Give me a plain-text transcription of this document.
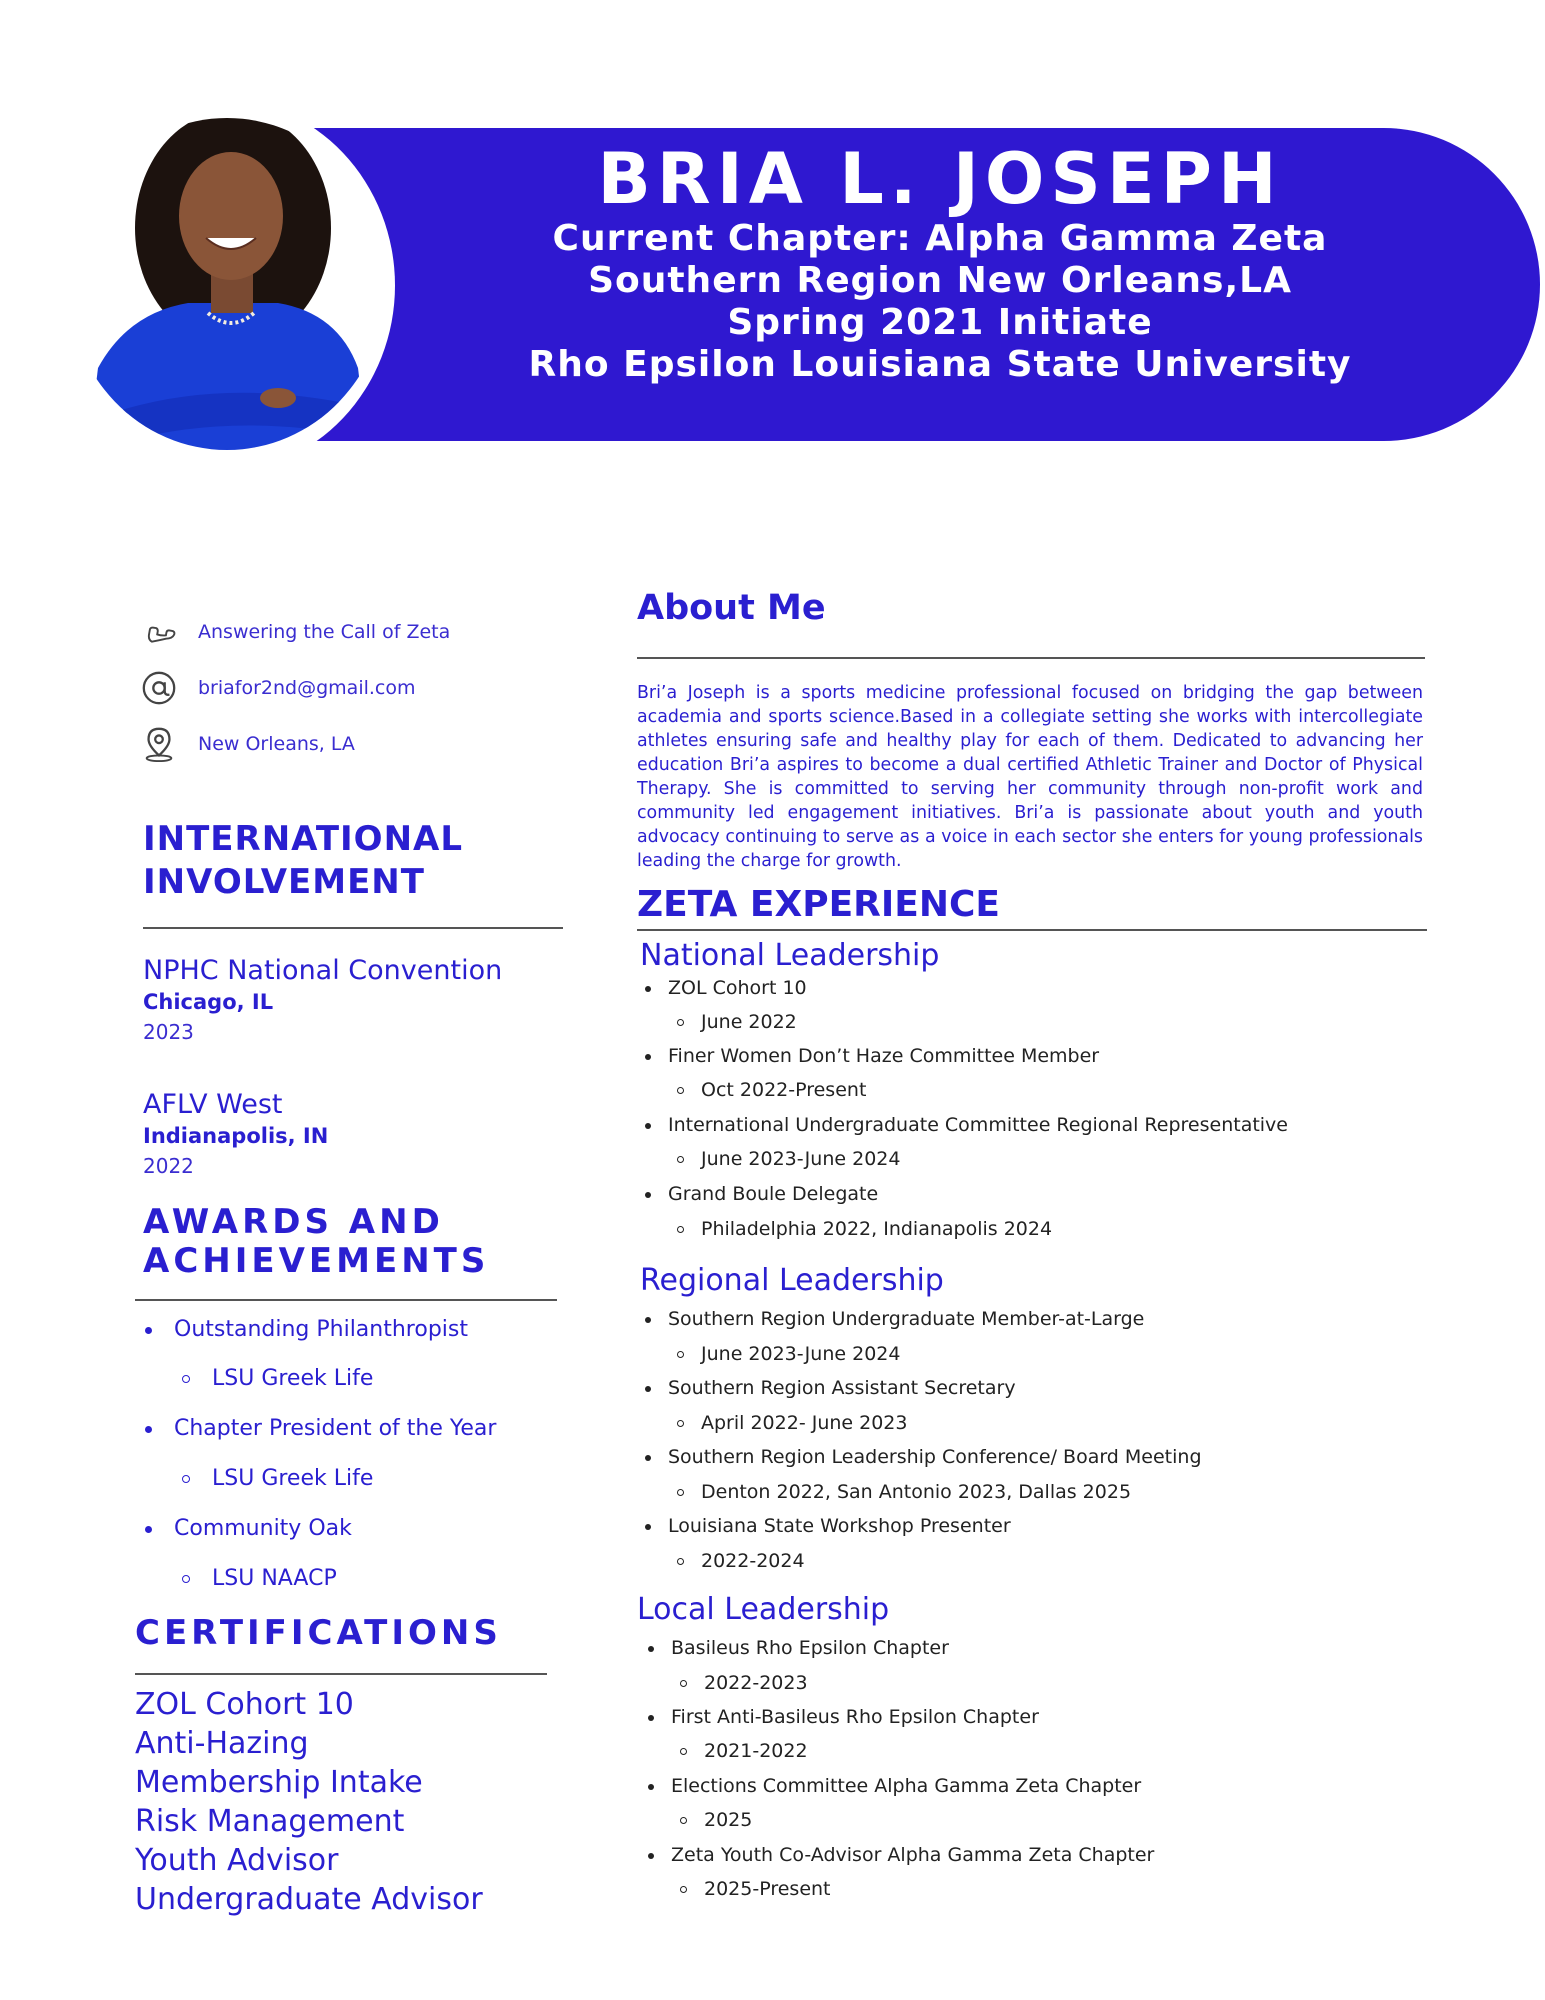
BRIA L. JOSEPH

Current Chapter: Alpha Gamma Zeta

Southern Region New Orleans,LA

Spring 2021 Initiate

Rho Epsilon Louisiana State University

Answering the Call of Zeta
briafor2nd@gmail.com
New Orleans, LA

INTERNATIONAL

INVOLVEMENT

NPHC National Convention
Chicago, IL
2023
AFLV West
Indianapolis, IN
2022

AWARDS AND

ACHIEVEMENTS

Outstanding Philanthropist
LSU Greek Life
Chapter President of the Year
LSU Greek Life
Community Oak
LSU NAACP

CERTIFICATIONS

ZOL Cohort 10
Anti-Hazing
Membership Intake
Risk Management
Youth Advisor
Undergraduate Advisor

About Me

Bri’a Joseph is a sports medicine professional focused on bridging the gap between academia and sports science.Based in a collegiate setting she works with intercollegiate athletes ensuring safe and healthy play for each of them. Dedicated to advancing her education Bri’a aspires to become a dual certified Athletic Trainer and Doctor of Physical Therapy. She is committed to serving her community through non-profit work and community led engagement initiatives. Bri’a is passionate about youth and youth advocacy continuing to serve as a voice in each sector she enters for young professionals leading the charge for growth.

ZETA EXPERIENCE

National Leadership

ZOL Cohort 10
June 2022
Finer Women Don’t Haze Committee Member
Oct 2022-Present
International Undergraduate Committee Regional Representative
June 2023-June 2024
Grand Boule Delegate
Philadelphia 2022, Indianapolis 2024

Regional Leadership

Southern Region Undergraduate Member-at-Large
June 2023-June 2024
Southern Region Assistant Secretary
April 2022- June 2023
Southern Region Leadership Conference/ Board Meeting
Denton 2022, San Antonio 2023, Dallas 2025
Louisiana State Workshop Presenter
2022-2024

Local Leadership

Basileus Rho Epsilon Chapter
2022-2023
First Anti-Basileus Rho Epsilon Chapter
2021-2022
Elections Committee Alpha Gamma Zeta Chapter
2025
Zeta Youth Co-Advisor Alpha Gamma Zeta Chapter
2025-Present
